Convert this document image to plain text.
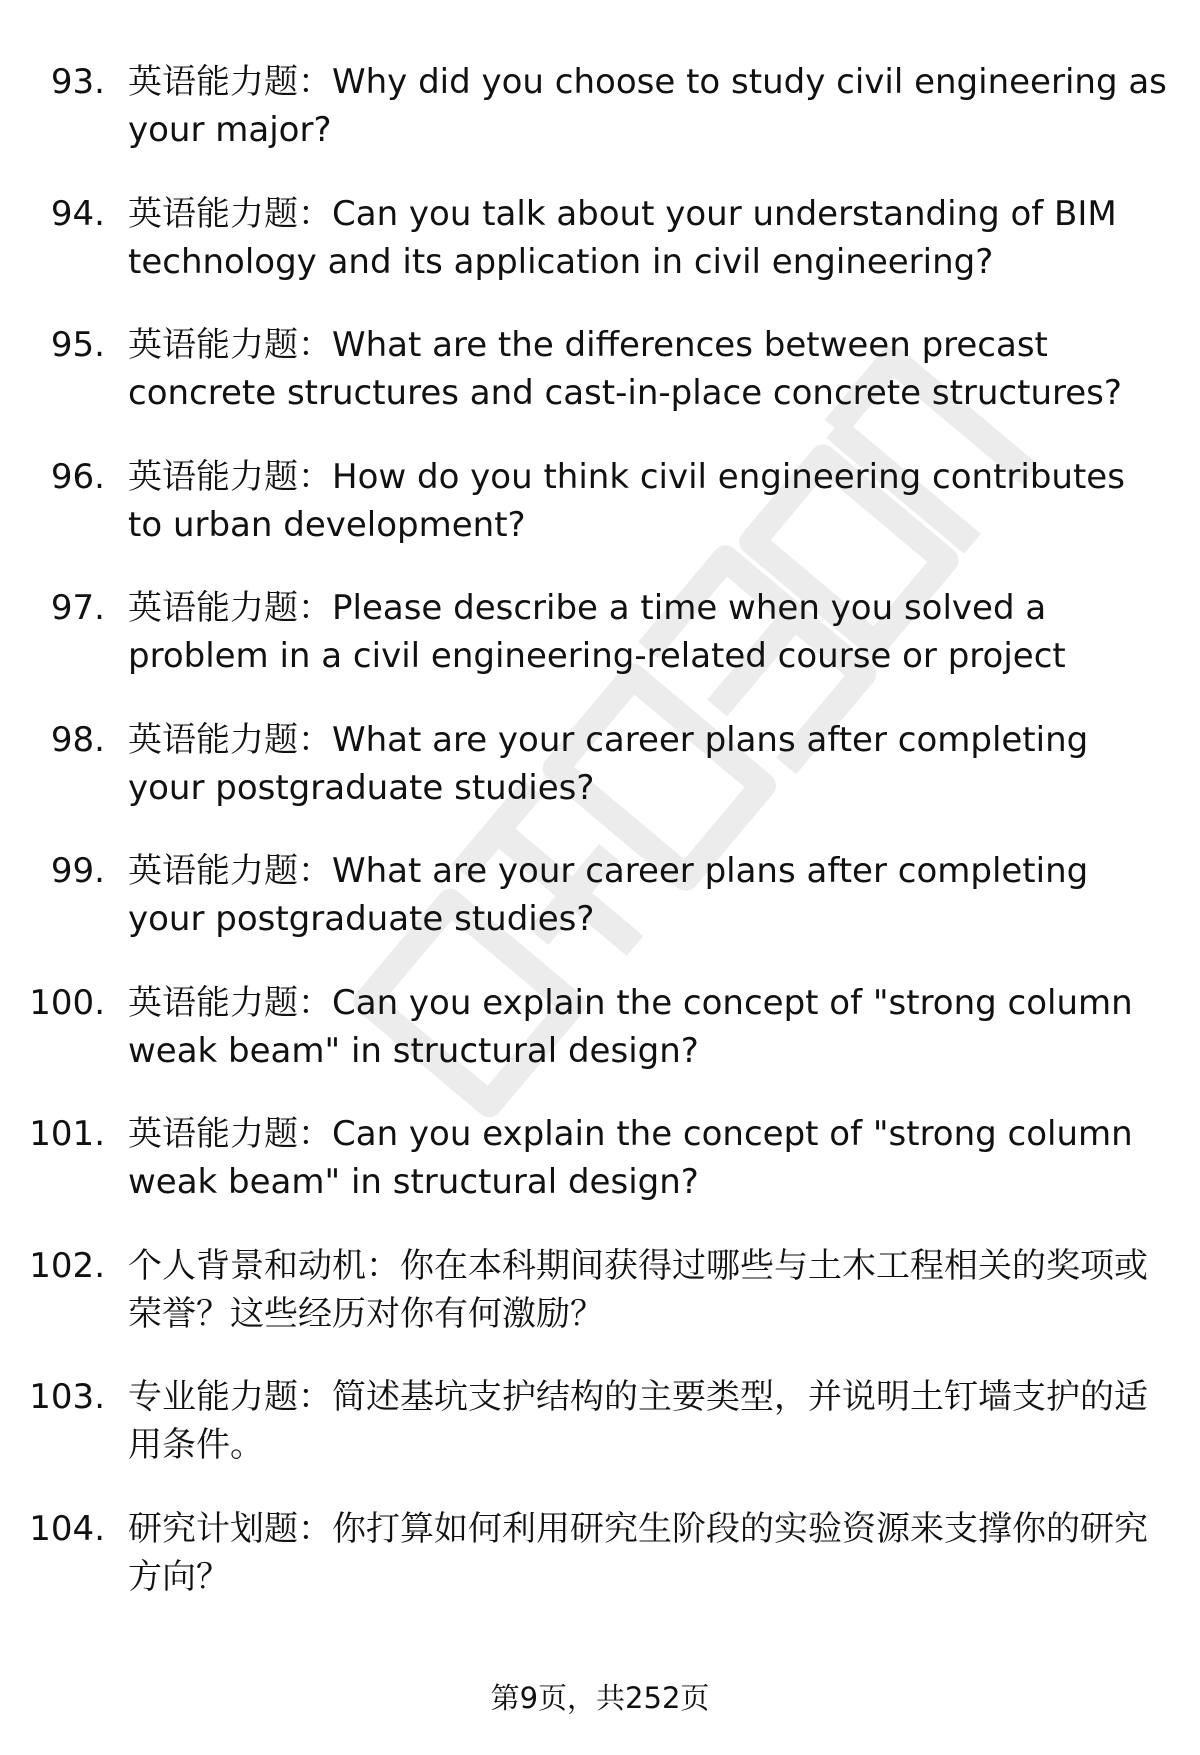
93. 英语能力题：Why did you choose to study civil engineering as your major?
94. 英语能力题：Can you talk about your understanding of BIM technology and its application in civil engineering?
95. 英语能力题：What are the differences between precast concrete structures and cast-in-place concrete structures?
96. 英语能力题：How do you think civil engineering contributes to urban development?
97. 英语能力题：Please describe a time when you solved a problem in a civil engineering-related course or project
98. 英语能力题：What are your career plans after completing your postgraduate studies?
99. 英语能力题：What are your career plans after completing your postgraduate studies?
100. 英语能力题：Can you explain the concept of "strong column weak beam" in structural design?
101. 英语能力题：Can you explain the concept of "strong column weak beam" in structural design?
102. 个人背景和动机：你在本科期间获得过哪些与土木工程相关的奖项或荣誉？这些经历对你有何激励？
103. 专业能力题：简述基坑支护结构的主要类型，并说明土钉墙支护的适用条件。
104. 研究计划题：你打算如何利用研究生阶段的实验资源来支撑你的研究方向？
第9页，共252页
